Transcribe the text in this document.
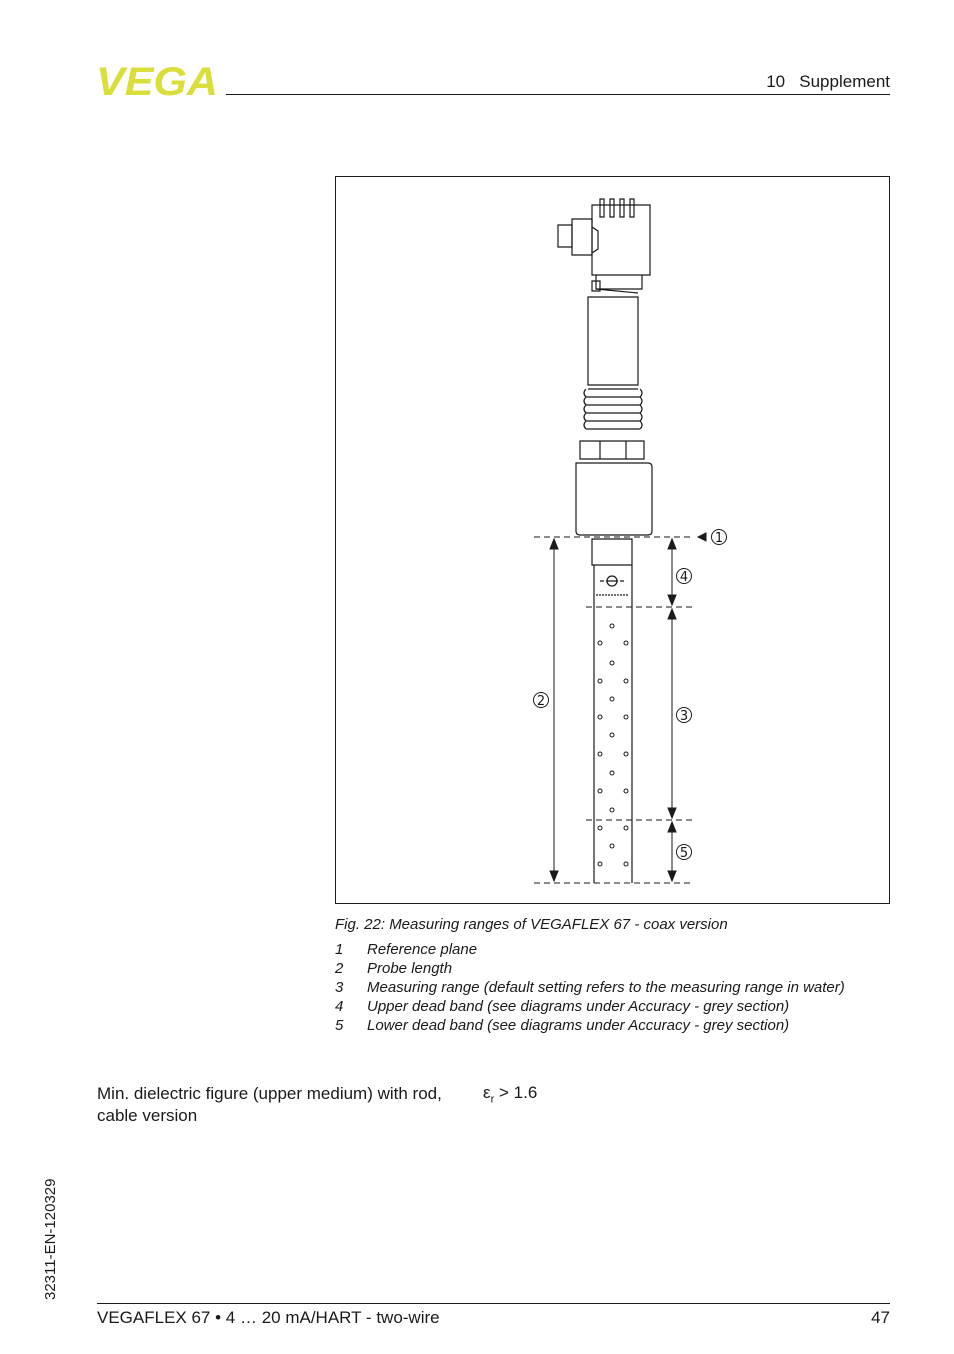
VEGA	10   Supplement
1
2
3
4
5
Fig. 22: Measuring ranges of VEGAFLEX 67 - coax version
1 Reference plane
2 Probe length
3 Measuring range (default setting refers to the measuring range in water)
4 Upper dead band (see diagrams under Accuracy - grey section)
5 Lower dead band (see diagrams under Accuracy - grey section)
Min. dielectric figure (upper medium) with rod, cable version
$\varepsilon_r > 1.6$
32311-EN-120329
VEGAFLEX 67 • 4 … 20 mA/HART - two-wire	47
